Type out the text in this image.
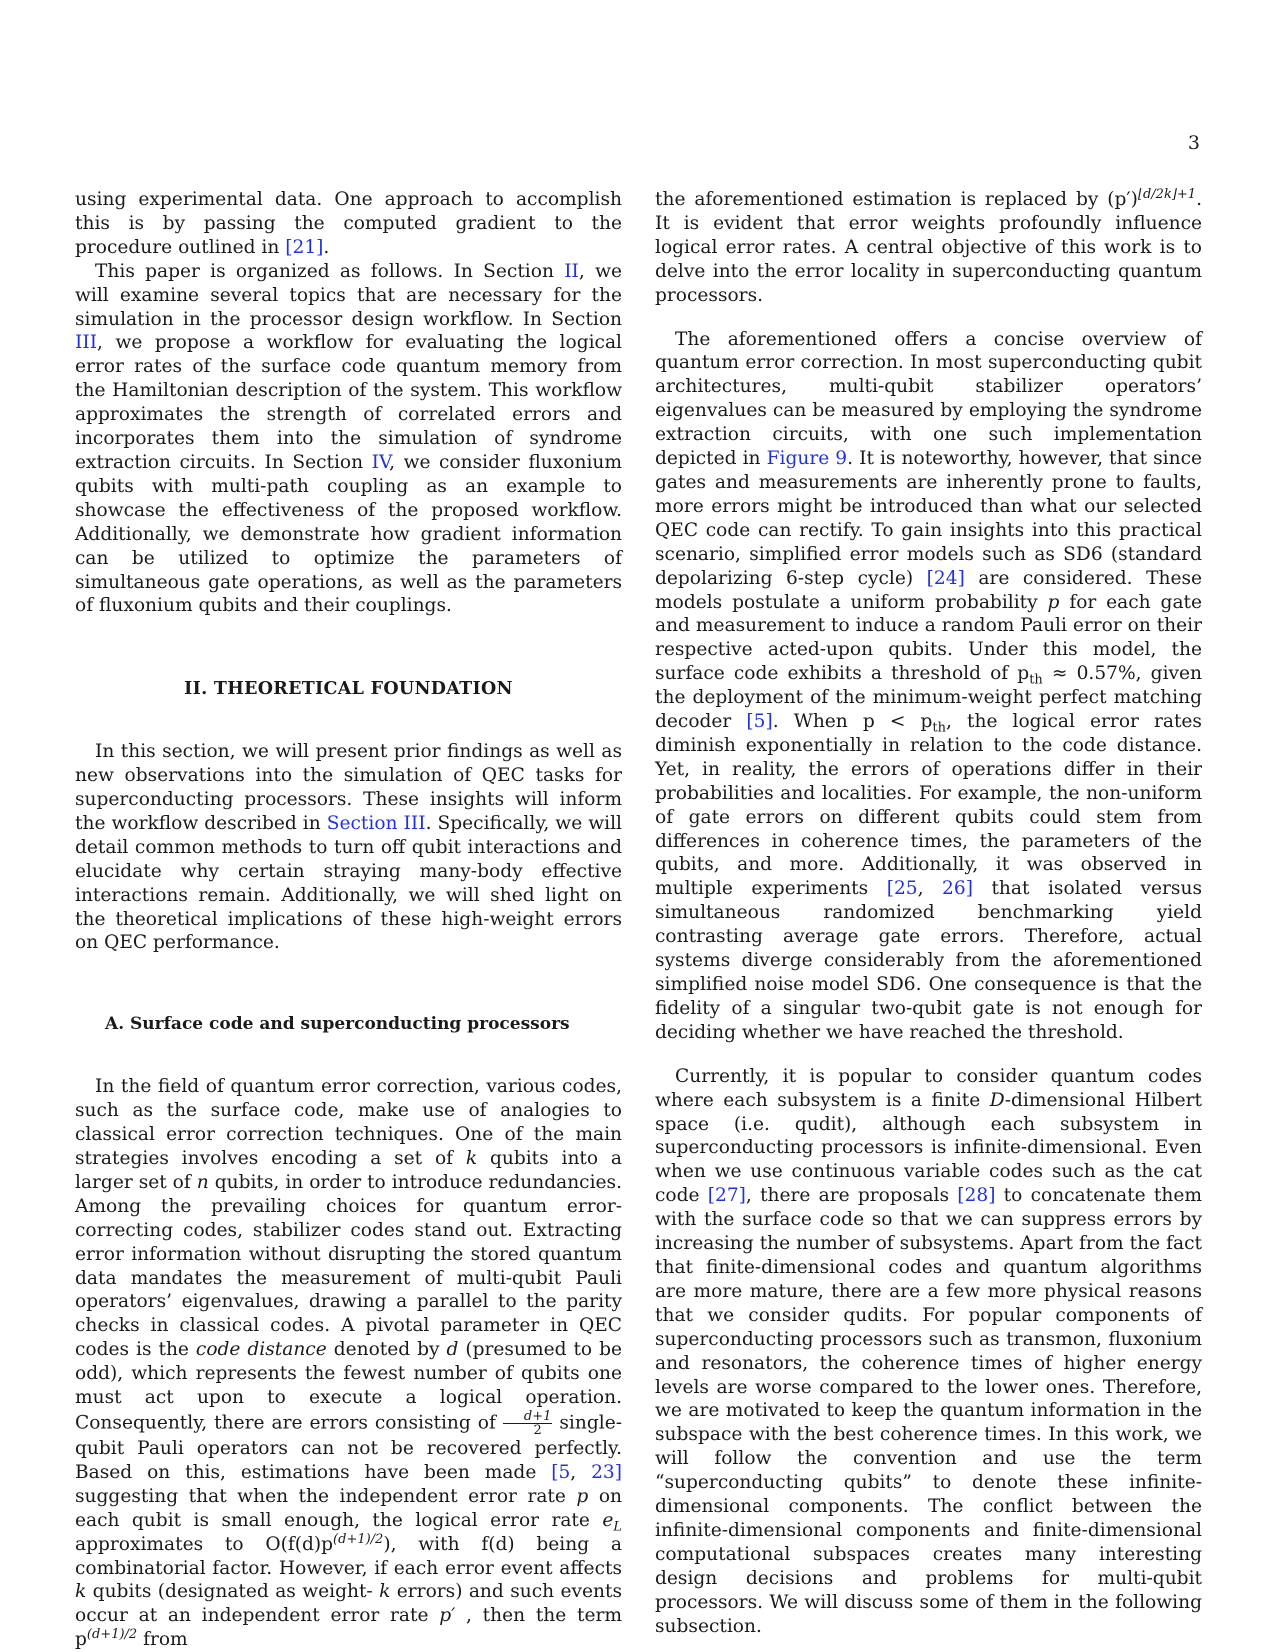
3

using experimental data. One approach to accomplish this is by passing the computed gradient to the procedure outlined in [21].

This paper is organized as follows. In Section II, we will examine several topics that are necessary for the simulation in the processor design workflow. In Section III, we propose a workflow for evaluating the logical error rates of the surface code quantum memory from the Hamiltonian description of the system. This workflow approximates the strength of correlated errors and incorporates them into the simulation of syndrome extraction circuits. In Section IV, we consider fluxonium qubits with multi-path coupling as an example to showcase the effectiveness of the proposed workflow. Additionally, we demonstrate how gradient information can be utilized to optimize the parameters of simultaneous gate operations, as well as the parameters of fluxonium qubits and their couplings.

II. THEORETICAL FOUNDATION

In this section, we will present prior findings as well as new observations into the simulation of QEC tasks for superconducting processors. These insights will inform the workflow described in Section III. Specifically, we will detail common methods to turn off qubit interactions and elucidate why certain straying many-body effective interactions remain. Additionally, we will shed light on the theoretical implications of these high-weight errors on QEC performance.

A. Surface code and superconducting processors

In the field of quantum error correction, various codes, such as the surface code, make use of analogies to classical error correction techniques. One of the main strategies involves encoding a set of k qubits into a larger set of n qubits, in order to introduce redundancies. Among the prevailing choices for quantum error-correcting codes, stabilizer codes stand out. Extracting error information without disrupting the stored quantum data mandates the measurement of multi-qubit Pauli operators’ eigenvalues, drawing a parallel to the parity checks in classical codes. A pivotal parameter in QEC codes is the code distance denoted by d (presumed to be odd), which represents the fewest number of qubits one must act upon to execute a logical operation. Consequently, there are errors consisting of $\frac{d+1}{2}$ single-qubit Pauli operators can not be recovered perfectly. Based on this, estimations have been made [5, 23] suggesting that when the independent error rate p on each qubit is small enough, the logical error rate $e_L$ approximates to $O(f(d)p^{(d+1)/2})$, with f(d) being a combinatorial factor. However, if each error event affects k qubits (designated as weight- k errors) and such events occur at an independent error rate p′ , then the term $p^{(d+1)/2}$ from

the aforementioned estimation is replaced by $(p')^{⌊d/2k⌋+1}$. It is evident that error weights profoundly influence logical error rates. A central objective of this work is to delve into the error locality in superconducting quantum processors.

The aforementioned offers a concise overview of quantum error correction. In most superconducting qubit architectures, multi-qubit stabilizer operators’ eigenvalues can be measured by employing the syndrome extraction circuits, with one such implementation depicted in Figure 9. It is noteworthy, however, that since gates and measurements are inherently prone to faults, more errors might be introduced than what our selected QEC code can rectify. To gain insights into this practical scenario, simplified error models such as SD6 (standard depolarizing 6-step cycle) [24] are considered. These models postulate a uniform probability p for each gate and measurement to induce a random Pauli error on their respective acted-upon qubits. Under this model, the surface code exhibits a threshold of $p_{th} \approx 0.57\%$, given the deployment of the minimum-weight perfect matching decoder [5]. When $p < p_{th}$, the logical error rates diminish exponentially in relation to the code distance. Yet, in reality, the errors of operations differ in their probabilities and localities. For example, the non-uniform of gate errors on different qubits could stem from differences in coherence times, the parameters of the qubits, and more. Additionally, it was observed in multiple experiments [25, 26] that isolated versus simultaneous randomized benchmarking yield contrasting average gate errors. Therefore, actual systems diverge considerably from the aforementioned simplified noise model SD6. One consequence is that the fidelity of a singular two-qubit gate is not enough for deciding whether we have reached the threshold.

Currently, it is popular to consider quantum codes where each subsystem is a finite D-dimensional Hilbert space (i.e. qudit), although each subsystem in superconducting processors is infinite-dimensional. Even when we use continuous variable codes such as the cat code [27], there are proposals [28] to concatenate them with the surface code so that we can suppress errors by increasing the number of subsystems. Apart from the fact that finite-dimensional codes and quantum algorithms are more mature, there are a few more physical reasons that we consider qudits. For popular components of superconducting processors such as transmon, fluxonium and resonators, the coherence times of higher energy levels are worse compared to the lower ones. Therefore, we are motivated to keep the quantum information in the subspace with the best coherence times. In this work, we will follow the convention and use the term “superconducting qubits” to denote these infinite-dimensional components. The conflict between the infinite-dimensional components and finite-dimensional computational subspaces creates many interesting design decisions and problems for multi-qubit processors. We will discuss some of them in the following subsection.
